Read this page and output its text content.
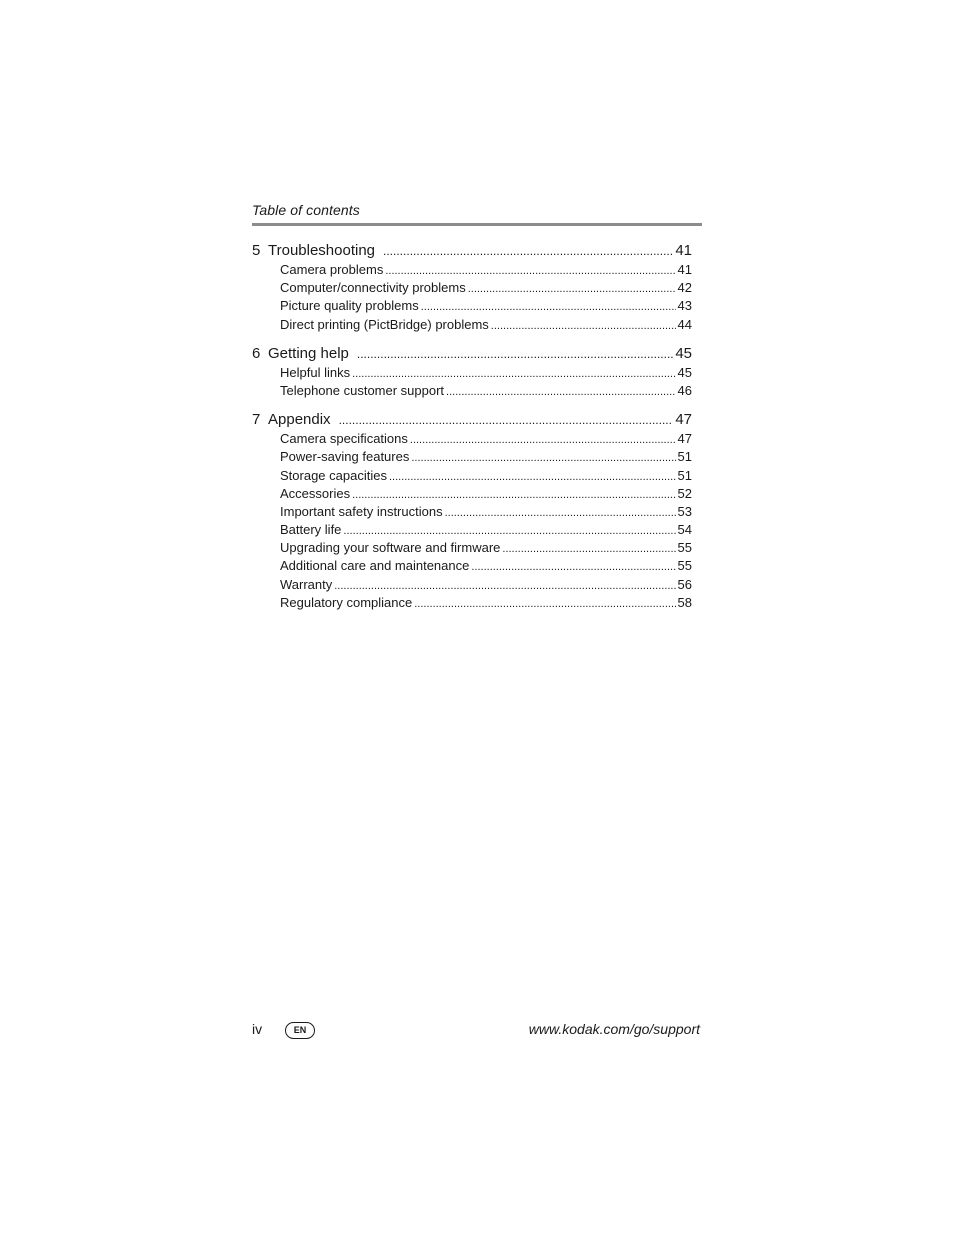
Table of contents
5 Troubleshooting .....	41
Camera problems .....	41
Computer/connectivity problems .....	42
Picture quality problems .....	43
Direct printing (PictBridge) problems .....	44
6 Getting help .....	45
Helpful links .....	45
Telephone customer support .....	46
7 Appendix .....	47
Camera specifications .....	47
Power-saving features .....	51
Storage capacities .....	51
Accessories .....	52
Important safety instructions .....	53
Battery life .....	54
Upgrading your software and firmware .....	55
Additional care and maintenance .....	55
Warranty .....	56
Regulatory compliance .....	58
iv	EN	www.kodak.com/go/support
